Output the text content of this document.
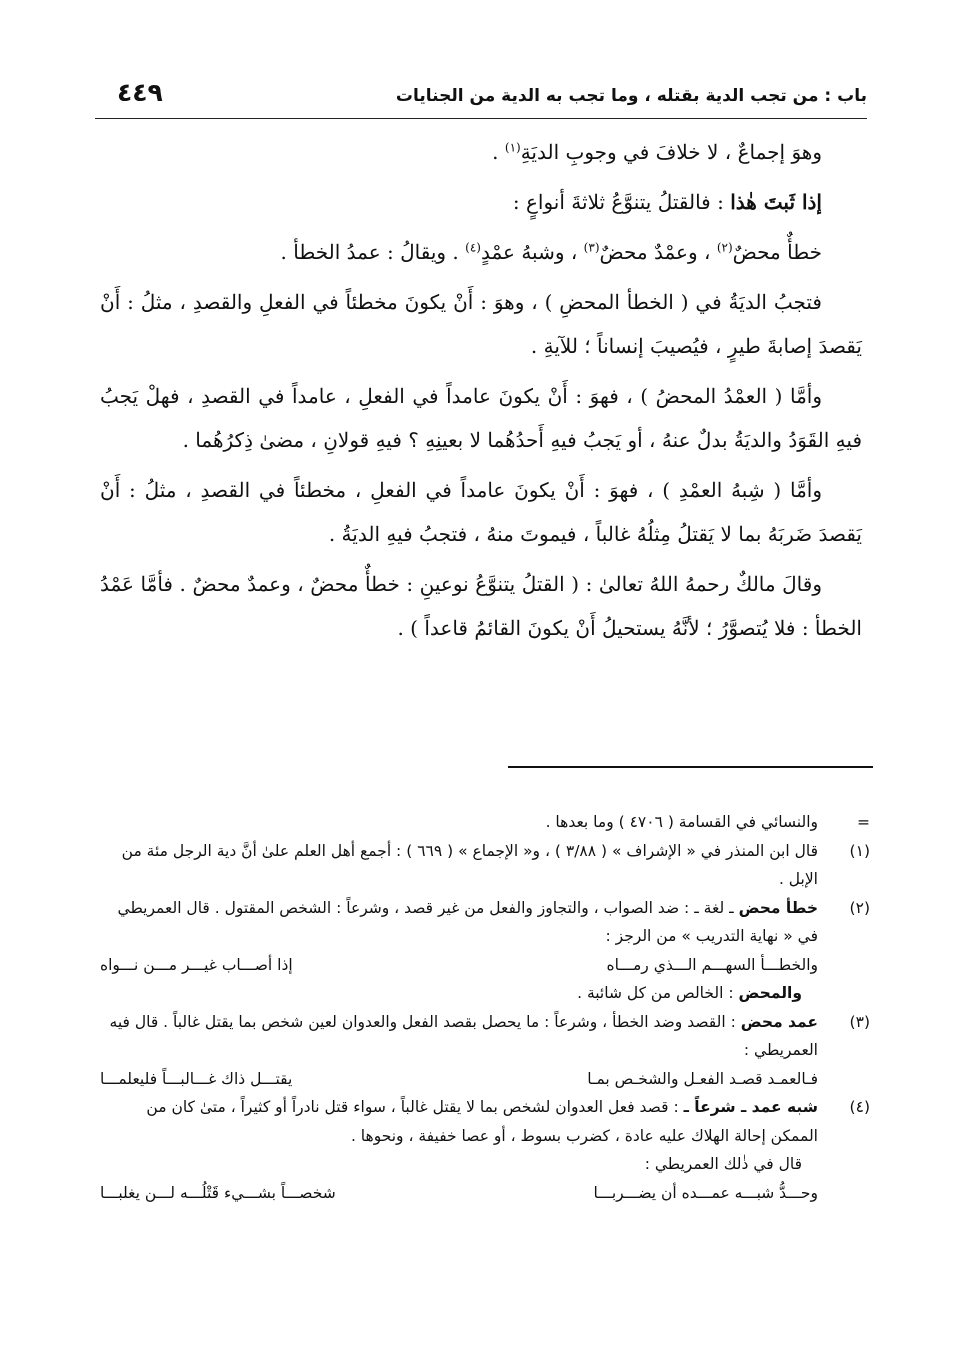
باب : من تجب الدية بقتله ، وما تجب به الدية من الجنايات
٤٤٩

وهوَ إجماعٌ ، لا خلافَ في وجوبِ الديَةِ$^{(١)}$ .

إذا ثَبتَ هٰذا : فالقتلُ يتنوَّعُ ثلاثةَ أنواعٍ :

خطأٌ محضٌ$^{(٢)}$ ، وعمْدٌ محضٌ$^{(٣)}$ ، وشبهُ عمْدٍ$^{(٤)}$ . ويقالُ : عمدُ الخطأ .

فتجبُ الديَةُ في ( الخطأ المحضِ ) ، وهوَ : أَنْ يكونَ مخطئاً في الفعلِ والقصدِ ، مثلُ : أَنْ يَقصدَ إصابةَ طيرٍ ، فيُصيبَ إنساناً ؛ للآيةِ .

وأمَّا ( العمْدُ المحضُ ) ، فهوَ : أَنْ يكونَ عامداً في الفعلِ ، عامداً في القصدِ ، فهلْ يَجبُ فيهِ القَوَدُ والديَةُ بدلٌ عنهُ ، أو يَجبُ فيهِ أَحدُهُما لا بعينِهِ ؟ فيهِ قولانِ ، مضىٰ ذِكرُهُما .

وأمَّا ( شِبهُ العمْدِ ) ، فهوَ : أَنْ يكونَ عامداً في الفعلِ ، مخطئاً في القصدِ ، مثلُ : أَنْ يَقصدَ ضَربَهُ بما لا يَقتلُ مِثلُهُ غالباً ، فيموتَ منهُ ، فتجبُ فيهِ الديَةُ .

وقالَ مالكٌ رحمهُ اللهُ تعالىٰ : ( القتلُ يتنوَّعُ نوعينِ : خطأٌ محضٌ ، وعمدٌ محضٌ . فأمَّا عَمْدُ الخطأ : فلا يُتصوَّرُ ؛ لأنَّهُ يستحيلُ أَنْ يكونَ القائمُ قاعداً ) .

=
والنسائي في القسامة ( ٤٧٠٦ ) وما بعدها .
(١)
قال ابن المنذر في « الإشراف » ( ٣/٨٨ ) ، و« الإجماع » ( ٦٦٩ ) : أجمع أهل العلم علىٰ أنَّ دية الرجل مئة من الإبل .
(٢)
خطأ محض ـ لغة ـ : ضد الصواب ، والتجاوز والفعل من غير قصد ، وشرعاً : الشخص المقتول . قال العمريطي في « نهاية التدريب » من الرجز :
والخطـــأ السهـــم الـــذي رمـــاه
إذا أصـــاب غيـــر مـــن نـــواه
والمحض : الخالص من كل شائبة .
(٣)
عمد محض : القصد وضد الخطأ ، وشرعاً : ما يحصل بقصد الفعل والعدوان لعين شخص بما يقتل غالباً . قال فيه العمريطي :
فـالعمـد قصـد الفعـل والشخـص بمـا
يقتـــل ذاك غـــالبـــاً فليعلمـــا
(٤)
شبه عمد ـ شرعاً ـ : قصد فعل العدوان لشخص بما لا يقتل غالباً ، سواء قتل نادراً أو كثيراً ، متىٰ كان من الممكن إحالة الهلاك عليه عادة ، كضرب بسوط ، أو عصا خفيفة ، ونحوها .
قال في ذٰلك العمريطي :
وحـــدُّ شبـــه عمـــده أن يضـــربـــا
شخصـــاً بشـــيء قَتْلُـــه لـــن يغلبـــا
